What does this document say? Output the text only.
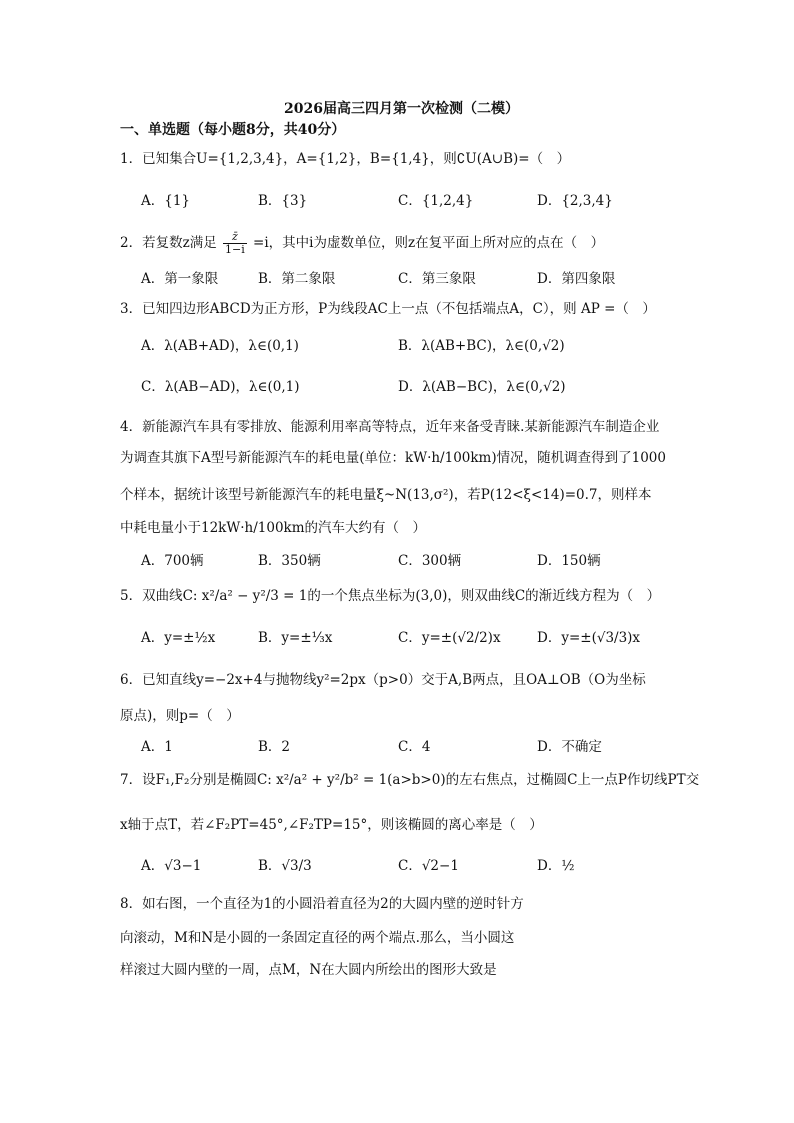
2026届高三四月第一次检测（二模）
一、单选题（每小题8分，共40分）
1．已知集合U={1,2,3,4}，A={1,2}，B={1,4}，则∁U(A∪B)=（　）
A．{1}	B．{3}	C．{1,2,4}	D．{2,3,4}
2．若复数z满足 $\frac{z̄}{1-i} =i$，其中i为虚数单位，则z在复平面上所对应的点在（　）
A．第一象限	B．第二象限	C．第三象限	D．第四象限
3．已知四边形ABCD为正方形，P为线段AC上一点（不包括端点A，C），则 AP =（　）
A．λ(AB+AD)，λ∈(0,1)	B．λ(AB+BC)，λ∈(0,√2)
C．λ(AB−AD)，λ∈(0,1)	D．λ(AB−BC)，λ∈(0,√2)
4．新能源汽车具有零排放、能源利用率高等特点，近年来备受青睐.某新能源汽车制造企业
为调查其旗下A型号新能源汽车的耗电量(单位：kW·h/100km)情况，随机调查得到了1000
个样本，据统计该型号新能源汽车的耗电量ξ~N(13,σ²)，若P(12<ξ<14)=0.7，则样本
中耗电量小于12kW·h/100km的汽车大约有（　）
A．700辆	B．350辆	C．300辆	D．150辆
5．双曲线C: x²/a² − y²/3 = 1的一个焦点坐标为(3,0)，则双曲线C的渐近线方程为（　）
A．y=±½x	B．y=±⅓x	C．y=±(√2/2)x	D．y=±(√3/3)x
6．已知直线y=−2x+4与抛物线y²=2px（p>0）交于A,B两点，且OA⊥OB（O为坐标
原点)，则p=（　）
A．1	B．2	C．4	D．不确定
7．设F₁,F₂分别是椭圆C: x²/a² + y²/b² = 1(a>b>0)的左右焦点，过椭圆C上一点P作切线PT交
x轴于点T，若∠F₂PT=45°,∠F₂TP=15°，则该椭圆的离心率是（　）
A．√3−1	B．√3/3	C．√2−1	D．½
8．如右图，一个直径为1的小圆沿着直径为2的大圆内壁的逆时针方
向滚动，M和N是小圆的一条固定直径的两个端点.那么，当小圆这
样滚过大圆内壁的一周，点M，N在大圆内所绘出的图形大致是
